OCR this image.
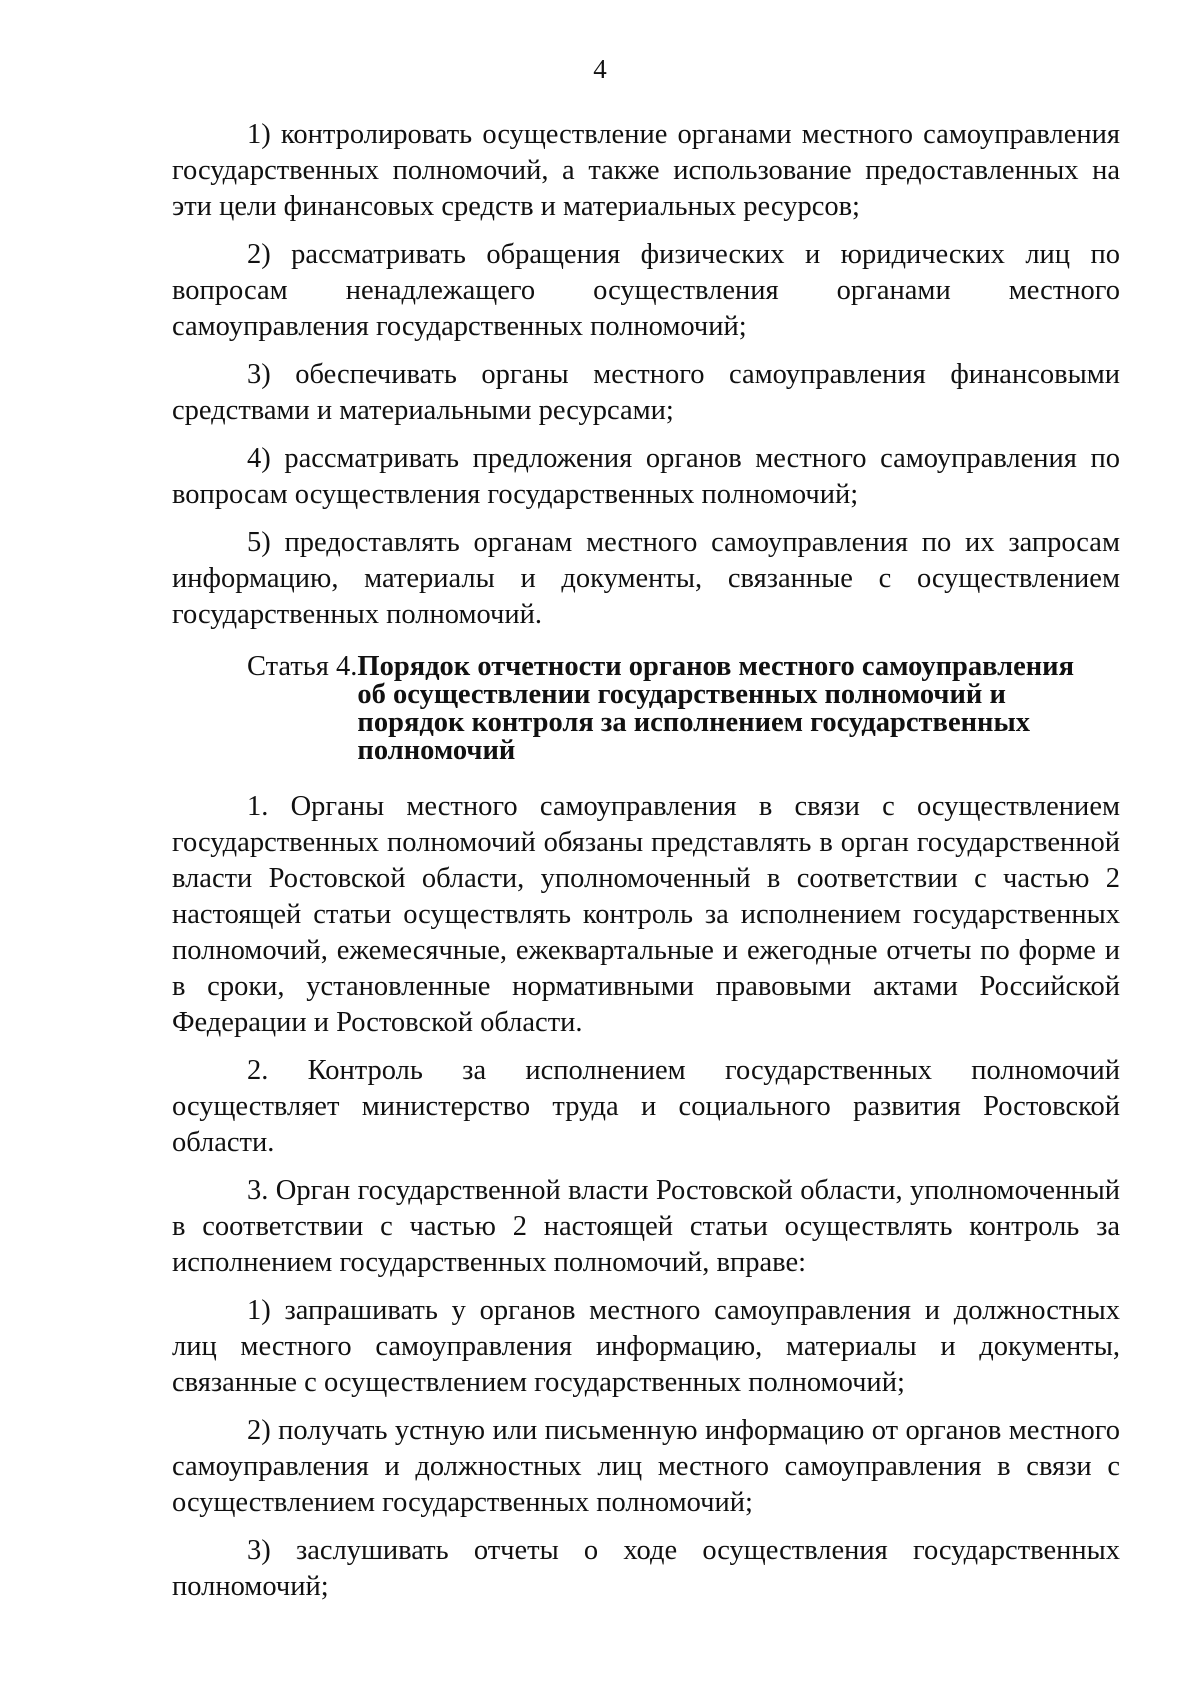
4

1) контролировать осуществление органами местного самоуправления государственных полномочий, а также использование предоставленных на эти цели финансовых средств и материальных ресурсов;

2) рассматривать обращения физических и юридических лиц по вопросам ненадлежащего осуществления органами местного самоуправления государственных полномочий;

3) обеспечивать органы местного самоуправления финансовыми средствами и материальными ресурсами;

4) рассматривать предложения органов местного самоуправления по вопросам осуществления государственных полномочий;

5) предоставлять органам местного самоуправления по их запросам информацию, материалы и документы, связанные с осуществлением государственных полномочий.

Статья 4. Порядок отчетности органов местного самоуправления об осуществлении государственных полномочий и порядок контроля за исполнением государственных полномочий

1. Органы местного самоуправления в связи с осуществлением государственных полномочий обязаны представлять в орган государственной власти Ростовской области, уполномоченный в соответствии с частью 2 настоящей статьи осуществлять контроль за исполнением государственных полномочий, ежемесячные, ежеквартальные и ежегодные отчеты по форме и в сроки, установленные нормативными правовыми актами Российской Федерации и Ростовской области.

2. Контроль за исполнением государственных полномочий осуществляет министерство труда и социального развития Ростовской области.

3. Орган государственной власти Ростовской области, уполномоченный в соответствии с частью 2 настоящей статьи осуществлять контроль за исполнением государственных полномочий, вправе:

1) запрашивать у органов местного самоуправления и должностных лиц местного самоуправления информацию, материалы и документы, связанные с осуществлением государственных полномочий;

2) получать устную или письменную информацию от органов местного самоуправления и должностных лиц местного самоуправления в связи с осуществлением государственных полномочий;

3) заслушивать отчеты о ходе осуществления государственных полномочий;
